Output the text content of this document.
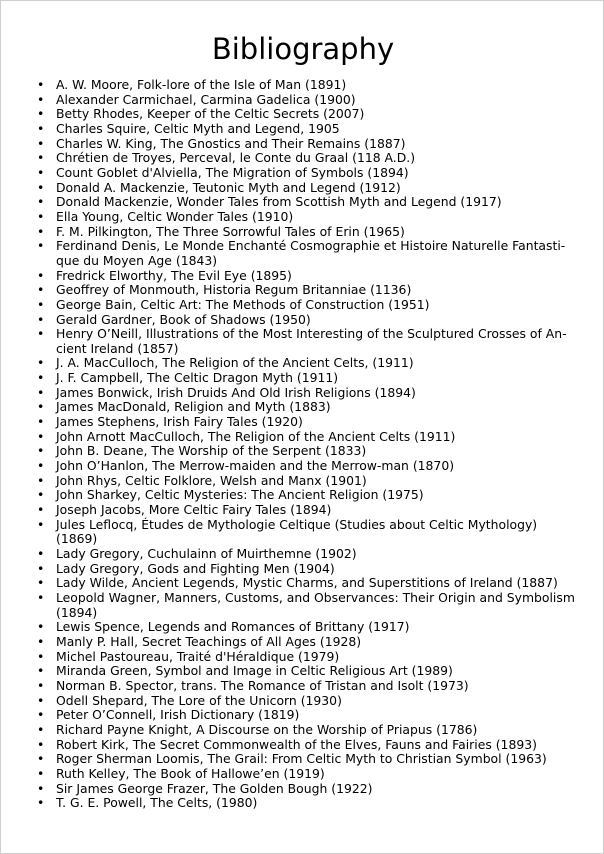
Bibliography
• A. W. Moore, Folk-lore of the Isle of Man (1891)
• Alexander Carmichael, Carmina Gadelica (1900)
• Betty Rhodes, Keeper of the Celtic Secrets (2007)
• Charles Squire, Celtic Myth and Legend, 1905
• Charles W. King, The Gnostics and Their Remains (1887)
• Chrétien de Troyes, Perceval, le Conte du Graal (118 A.D.)
• Count Goblet d'Alviella, The Migration of Symbols (1894)
• Donald A. Mackenzie, Teutonic Myth and Legend (1912)
• Donald Mackenzie, Wonder Tales from Scottish Myth and Legend (1917)
• Ella Young, Celtic Wonder Tales (1910)
• F. M. Pilkington, The Three Sorrowful Tales of Erin (1965)
• Ferdinand Denis, Le Monde Enchanté Cosmographie et Histoire Naturelle Fantasti-
que du Moyen Age (1843)
• Fredrick Elworthy, The Evil Eye (1895)
• Geoffrey of Monmouth, Historia Regum Britanniae (1136)
• George Bain, Celtic Art: The Methods of Construction (1951)
• Gerald Gardner, Book of Shadows (1950)
• Henry O’Neill, Illustrations of the Most Interesting of the Sculptured Crosses of An-
cient Ireland (1857)
• J. A. MacCulloch, The Religion of the Ancient Celts, (1911)
• J. F. Campbell, The Celtic Dragon Myth (1911)
• James Bonwick, Irish Druids And Old Irish Religions (1894)
• James MacDonald, Religion and Myth (1883)
• James Stephens, Irish Fairy Tales (1920)
• John Arnott MacCulloch, The Religion of the Ancient Celts (1911)
• John B. Deane, The Worship of the Serpent (1833)
• John O’Hanlon, The Merrow-maiden and the Merrow-man (1870)
• John Rhys, Celtic Folklore, Welsh and Manx (1901)
• John Sharkey, Celtic Mysteries: The Ancient Religion (1975)
• Joseph Jacobs, More Celtic Fairy Tales (1894)
• Jules Leflocq, Études de Mythologie Celtique (Studies about Celtic Mythology)
(1869)
• Lady Gregory, Cuchulainn of Muirthemne (1902)
• Lady Gregory, Gods and Fighting Men (1904)
• Lady Wilde, Ancient Legends, Mystic Charms, and Superstitions of Ireland (1887)
• Leopold Wagner, Manners, Customs, and Observances: Their Origin and Symbolism
(1894)
• Lewis Spence, Legends and Romances of Brittany (1917)
• Manly P. Hall, Secret Teachings of All Ages (1928)
• Michel Pastoureau, Traité d'Héraldique (1979)
• Miranda Green, Symbol and Image in Celtic Religious Art (1989)
• Norman B. Spector, trans. The Romance of Tristan and Isolt (1973)
• Odell Shepard, The Lore of the Unicorn (1930)
• Peter O’Connell, Irish Dictionary (1819)
• Richard Payne Knight, A Discourse on the Worship of Priapus (1786)
• Robert Kirk, The Secret Commonwealth of the Elves, Fauns and Fairies (1893)
• Roger Sherman Loomis, The Grail: From Celtic Myth to Christian Symbol (1963)
• Ruth Kelley, The Book of Hallowe’en (1919)
• Sir James George Frazer, The Golden Bough (1922)
• T. G. E. Powell, The Celts, (1980)
